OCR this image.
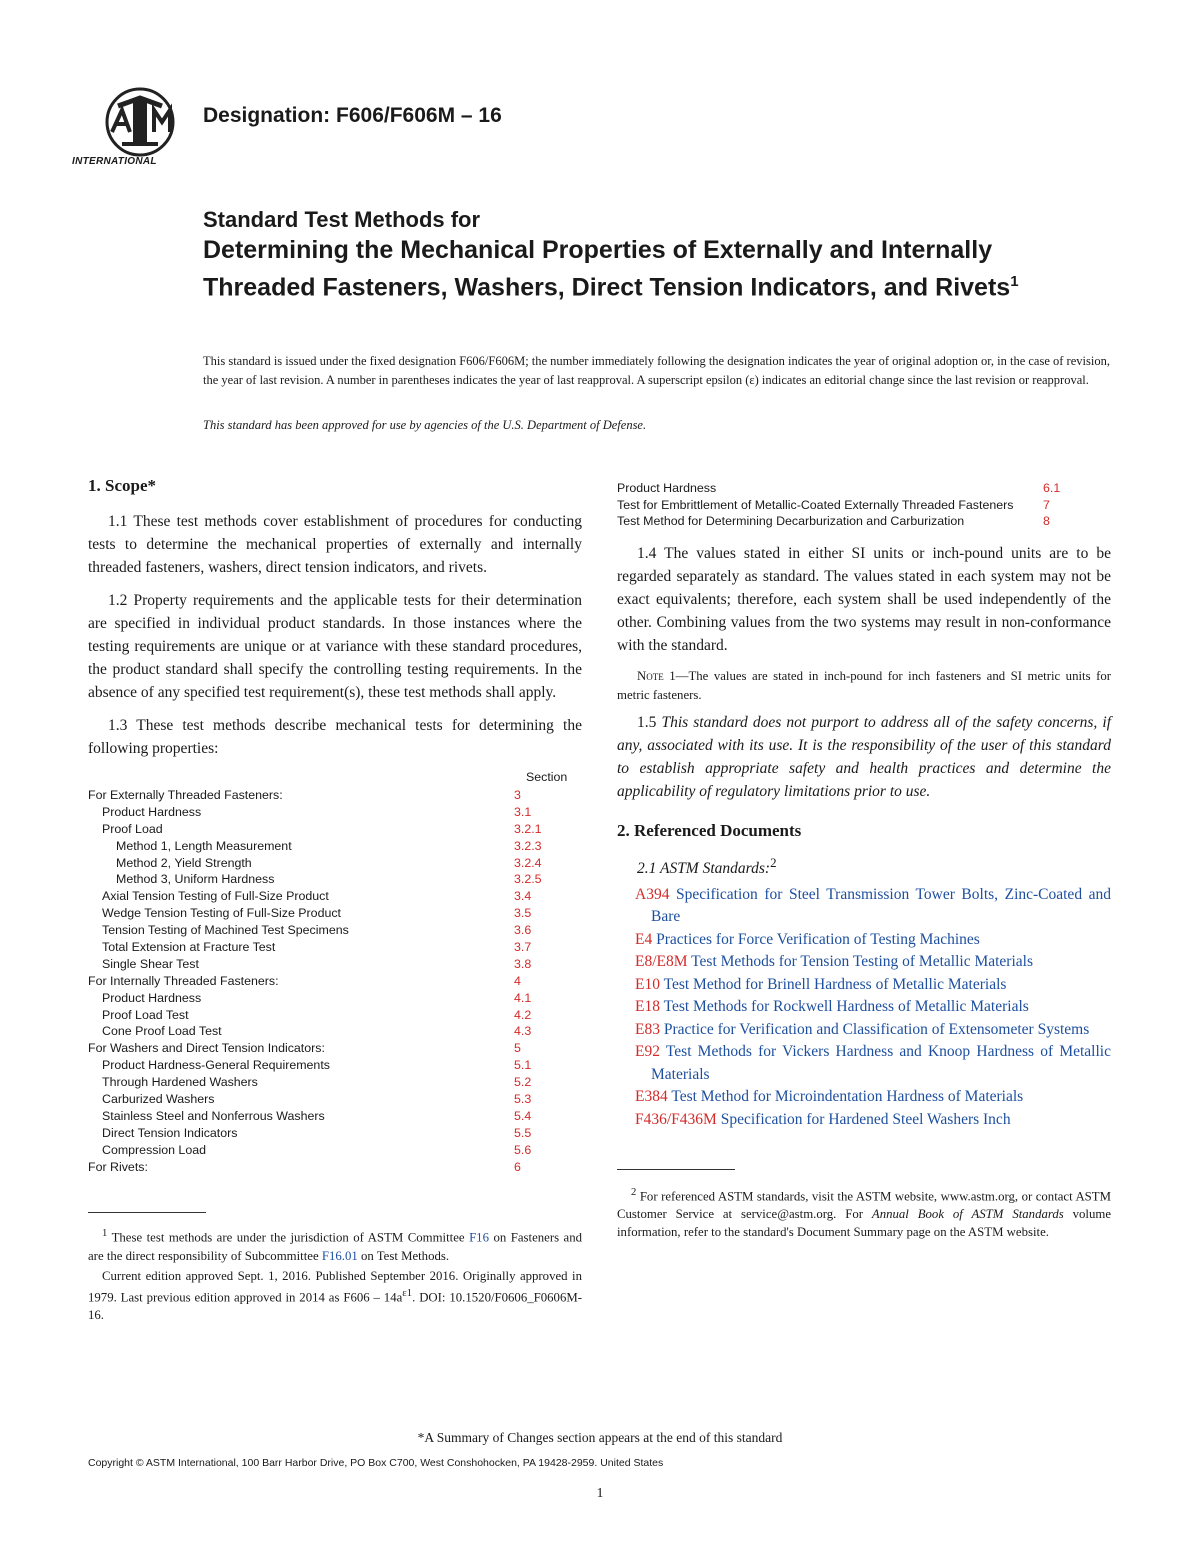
INTERNATIONAL
Designation: F606/F606M – 16
Standard Test Methods for
Determining the Mechanical Properties of Externally and Internally Threaded Fasteners, Washers, Direct Tension Indicators, and Rivets$^1$
This standard is issued under the fixed designation F606/F606M; the number immediately following the designation indicates the year of original adoption or, in the case of revision, the year of last revision. A number in parentheses indicates the year of last reapproval. A superscript epsilon (ε) indicates an editorial change since the last revision or reapproval.
This standard has been approved for use by agencies of the U.S. Department of Defense.
1. Scope*

1.1 These test methods cover establishment of procedures for conducting tests to determine the mechanical properties of externally and internally threaded fasteners, washers, direct tension indicators, and rivets.

1.2 Property requirements and the applicable tests for their determination are specified in individual product standards. In those instances where the testing requirements are unique or at variance with these standard procedures, the product standard shall specify the controlling testing requirements. In the absence of any specified test requirement(s), these test methods shall apply.

1.3 These test methods describe mechanical tests for determining the following properties:

Section
For Externally Threaded Fasteners:	3
Product Hardness	3.1
Proof Load	3.2.1
Method 1, Length Measurement	3.2.3
Method 2, Yield Strength	3.2.4
Method 3, Uniform Hardness	3.2.5
Axial Tension Testing of Full-Size Product	3.4
Wedge Tension Testing of Full-Size Product	3.5
Tension Testing of Machined Test Specimens	3.6
Total Extension at Fracture Test	3.7
Single Shear Test	3.8
For Internally Threaded Fasteners:	4
Product Hardness	4.1
Proof Load Test	4.2
Cone Proof Load Test	4.3
For Washers and Direct Tension Indicators:	5
Product Hardness-General Requirements	5.1
Through Hardened Washers	5.2
Carburized Washers	5.3
Stainless Steel and Nonferrous Washers	5.4
Direct Tension Indicators	5.5
Compression Load	5.6
For Rivets:	6
$^1$ These test methods are under the jurisdiction of ASTM Committee F16 on Fasteners and are the direct responsibility of Subcommittee F16.01 on Test Methods.
Current edition approved Sept. 1, 2016. Published September 2016. Originally approved in 1979. Last previous edition approved in 2014 as $F606 - 14a^{\varepsilon 1}$. DOI: 10.1520/F0606_F0606M-16.
Product Hardness	6.1
Test for Embrittlement of Metallic-Coated Externally Threaded Fasteners	7
Test Method for Determining Decarburization and Carburization	8

1.4 The values stated in either SI units or inch-pound units are to be regarded separately as standard. The values stated in each system may not be exact equivalents; therefore, each system shall be used independently of the other. Combining values from the two systems may result in non-conformance with the standard.

Note 1—The values are stated in inch-pound for inch fasteners and SI metric units for metric fasteners.

1.5 This standard does not purport to address all of the safety concerns, if any, associated with its use. It is the responsibility of the user of this standard to establish appropriate safety and health practices and determine the applicability of regulatory limitations prior to use.

2. Referenced Documents
2.1 ASTM Standards:$^2$
A394 Specification for Steel Transmission Tower Bolts, Zinc-Coated and Bare
E4 Practices for Force Verification of Testing Machines
E8/E8M Test Methods for Tension Testing of Metallic Materials
E10 Test Method for Brinell Hardness of Metallic Materials
E18 Test Methods for Rockwell Hardness of Metallic Materials
E83 Practice for Verification and Classification of Extensometer Systems
E92 Test Methods for Vickers Hardness and Knoop Hardness of Metallic Materials
E384 Test Method for Microindentation Hardness of Materials
F436/F436M Specification for Hardened Steel Washers Inch
$^2$ For referenced ASTM standards, visit the ASTM website, www.astm.org, or contact ASTM Customer Service at service@astm.org. For Annual Book of ASTM Standards volume information, refer to the standard's Document Summary page on the ASTM website.
*A Summary of Changes section appears at the end of this standard
Copyright © ASTM International, 100 Barr Harbor Drive, PO Box C700, West Conshohocken, PA 19428-2959. United States
1
